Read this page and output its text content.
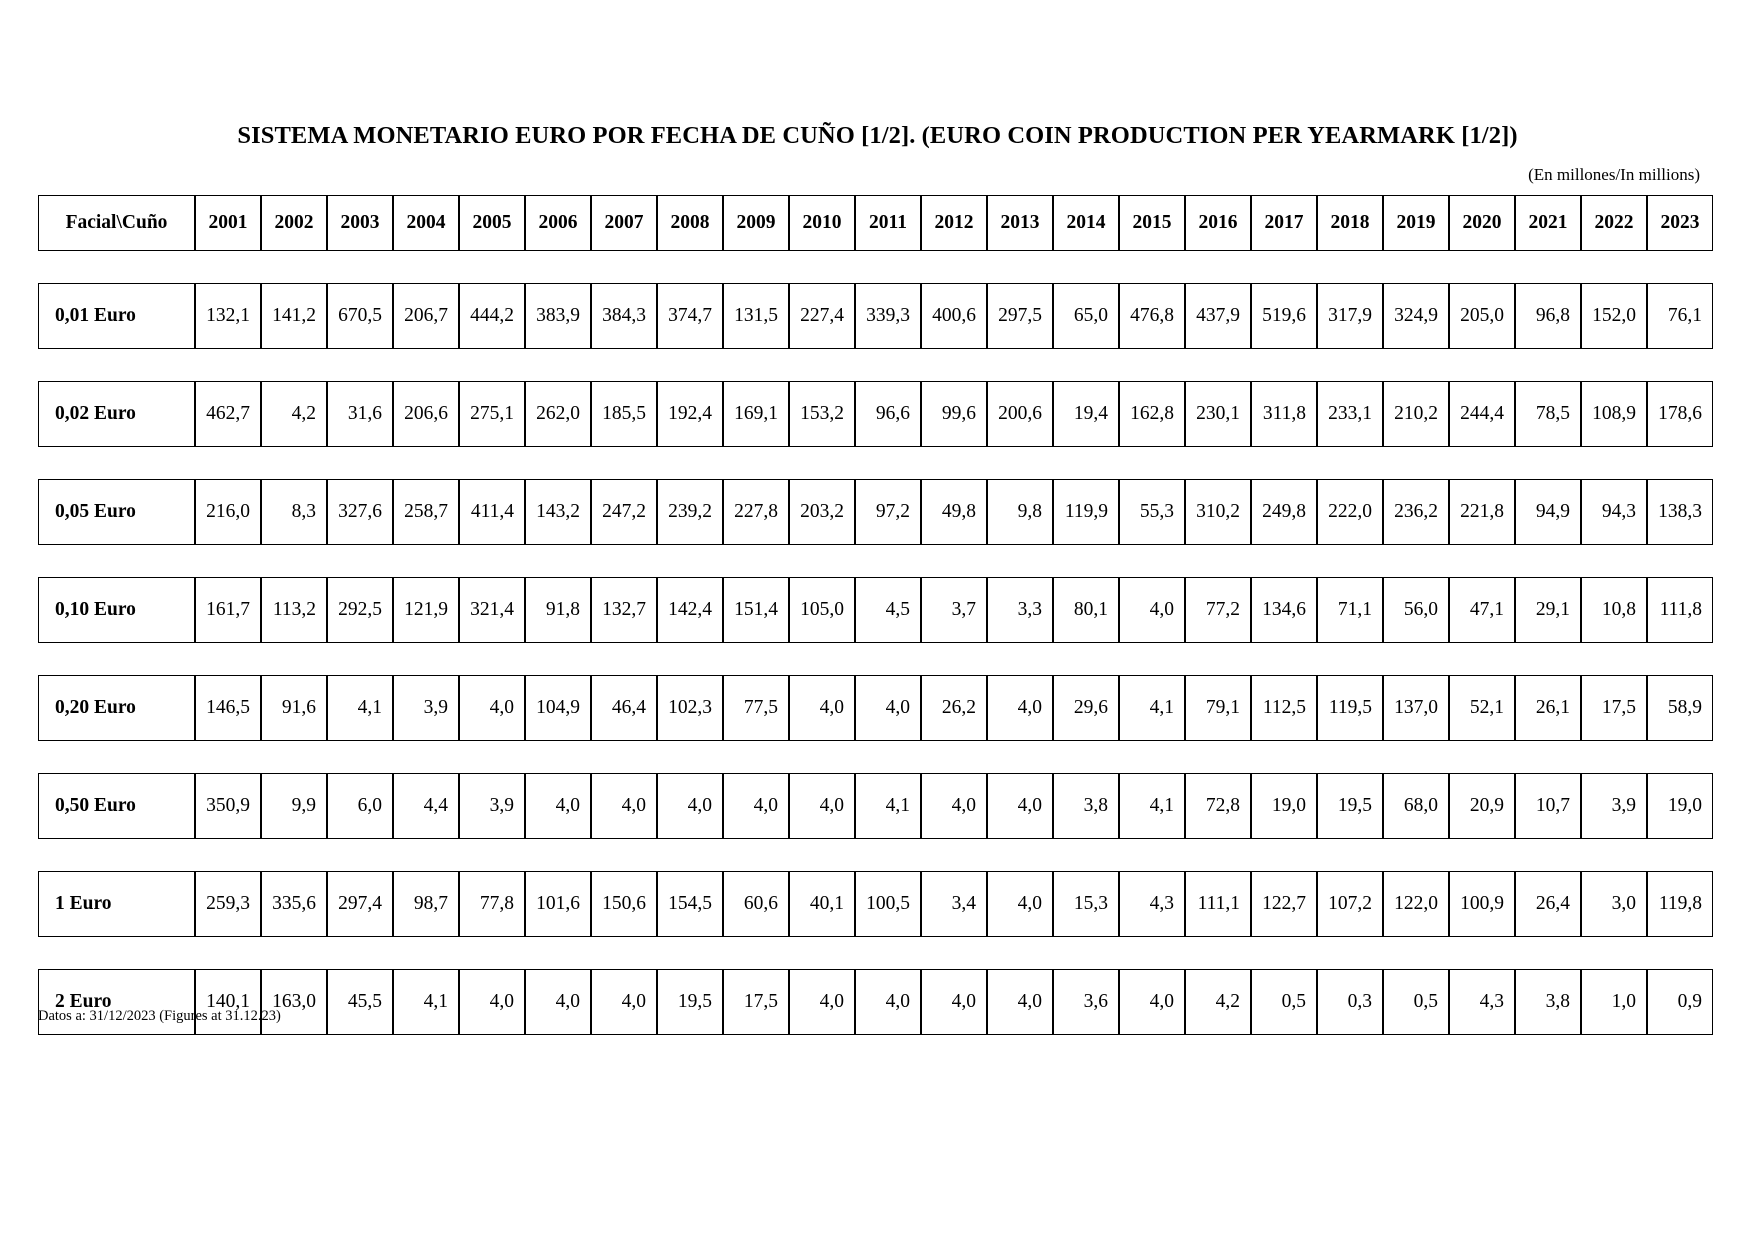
SISTEMA MONETARIO EURO POR FECHA DE CUÑO [1/2]. (EURO COIN PRODUCTION PER YEARMARK [1/2])
(En millones/In millions)
Facial\Cuño	2001	2002	2003	2004	2005	2006	2007	2008	2009	2010	2011	2012	2013	2014	2015	2016	2017	2018	2019	2020	2021	2022	2023

0,01 Euro	132,1	141,2	670,5	206,7	444,2	383,9	384,3	374,7	131,5	227,4	339,3	400,6	297,5	65,0	476,8	437,9	519,6	317,9	324,9	205,0	96,8	152,0	76,1

0,02 Euro	462,7	4,2	31,6	206,6	275,1	262,0	185,5	192,4	169,1	153,2	96,6	99,6	200,6	19,4	162,8	230,1	311,8	233,1	210,2	244,4	78,5	108,9	178,6

0,05 Euro	216,0	8,3	327,6	258,7	411,4	143,2	247,2	239,2	227,8	203,2	97,2	49,8	9,8	119,9	55,3	310,2	249,8	222,0	236,2	221,8	94,9	94,3	138,3

0,10 Euro	161,7	113,2	292,5	121,9	321,4	91,8	132,7	142,4	151,4	105,0	4,5	3,7	3,3	80,1	4,0	77,2	134,6	71,1	56,0	47,1	29,1	10,8	111,8

0,20 Euro	146,5	91,6	4,1	3,9	4,0	104,9	46,4	102,3	77,5	4,0	4,0	26,2	4,0	29,6	4,1	79,1	112,5	119,5	137,0	52,1	26,1	17,5	58,9

0,50 Euro	350,9	9,9	6,0	4,4	3,9	4,0	4,0	4,0	4,0	4,0	4,1	4,0	4,0	3,8	4,1	72,8	19,0	19,5	68,0	20,9	10,7	3,9	19,0

1 Euro	259,3	335,6	297,4	98,7	77,8	101,6	150,6	154,5	60,6	40,1	100,5	3,4	4,0	15,3	4,3	111,1	122,7	107,2	122,0	100,9	26,4	3,0	119,8

2 Euro	140,1	163,0	45,5	4,1	4,0	4,0	4,0	19,5	17,5	4,0	4,0	4,0	4,0	3,6	4,0	4,2	0,5	0,3	0,5	4,3	3,8	1,0	0,9
Datos a: 31/12/2023 (Figures at 31.12.23)
